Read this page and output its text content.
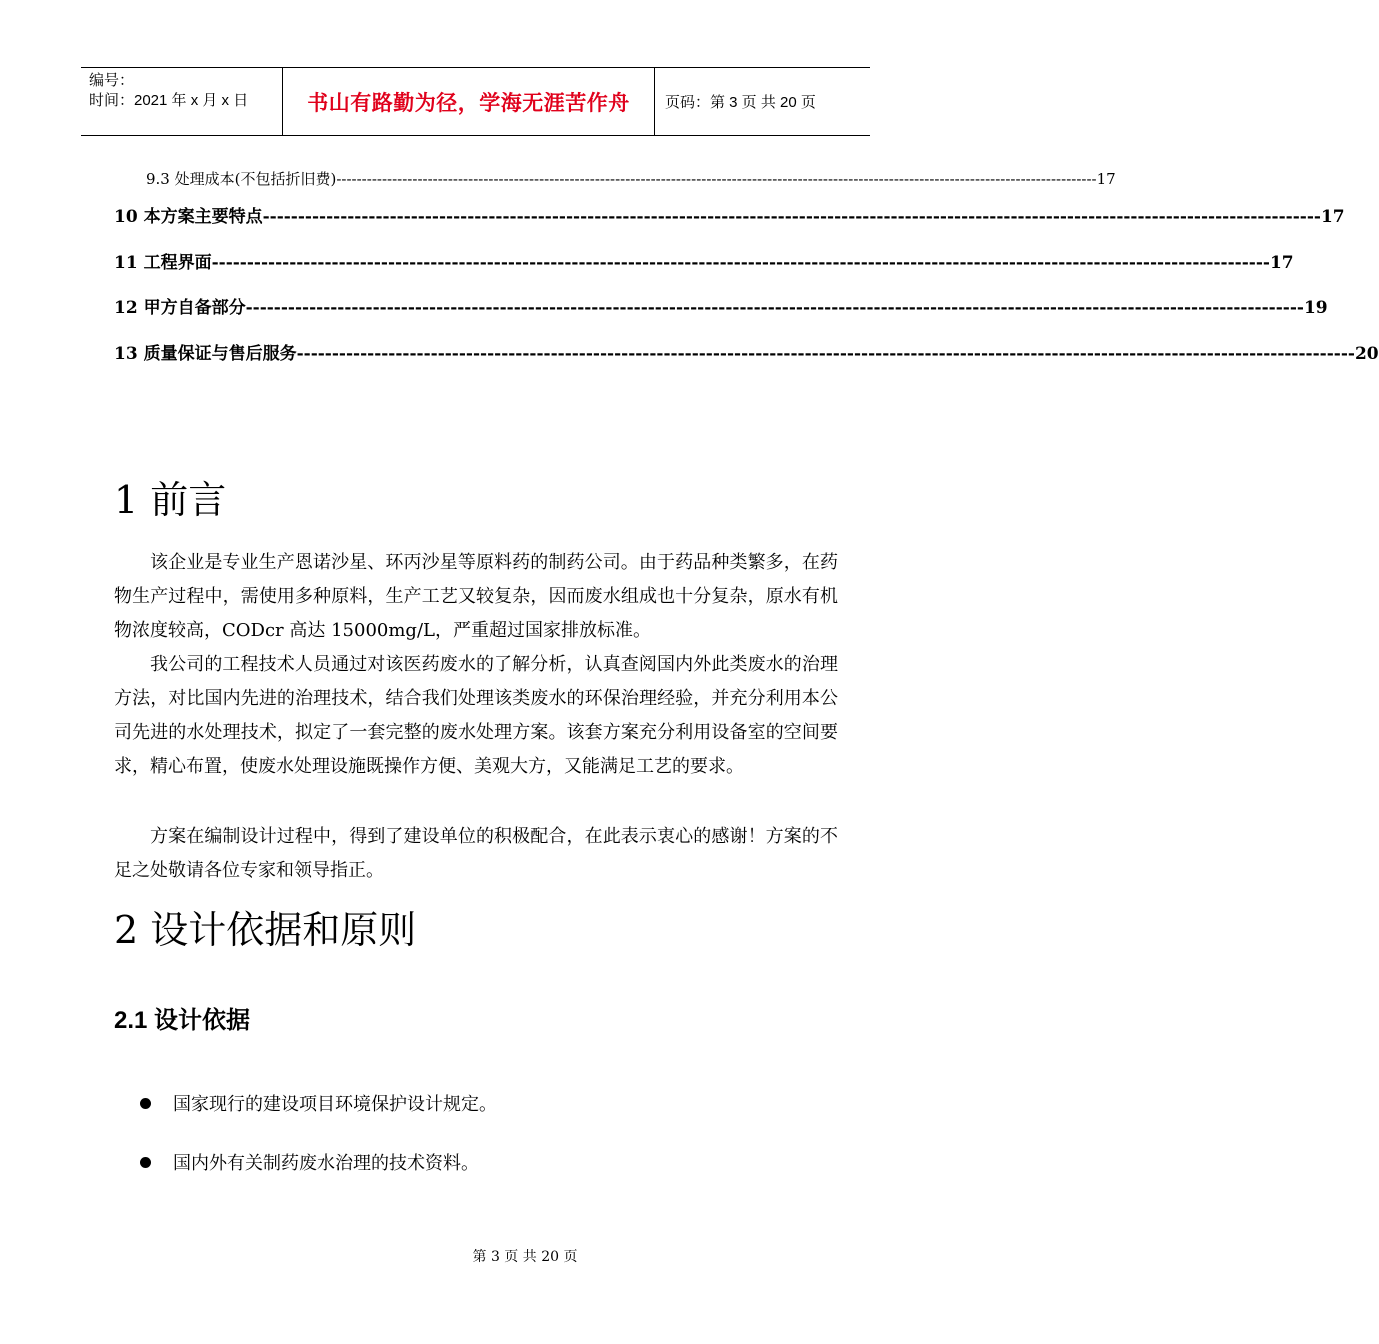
编号：
时间：2021 年 x 月 x 日	书山有路勤为径，学海无涯苦作舟	页码：第 3 页 共 20 页
9.3 处理成本(不包括折旧费) ------------------------------------------------------------------------------------------------------------------------------------------------------ 17
10 本方案主要特点 ------------------------------------------------------------------------------------------------------------------------------------------------------ 17
11 工程界面 ------------------------------------------------------------------------------------------------------------------------------------------------------ 17
12 甲方自备部分 ------------------------------------------------------------------------------------------------------------------------------------------------------ 19
13 质量保证与售后服务 ------------------------------------------------------------------------------------------------------------------------------------------------------ 20
1 前言

该企业是专业生产恩诺沙星、环丙沙星等原料药的制药公司。由于药品种类繁多，在药物生产过程中，需使用多种原料，生产工艺又较复杂，因而废水组成也十分复杂，原水有机物浓度较高，CODcr 高达 15000mg/L，严重超过国家排放标准。

我公司的工程技术人员通过对该医药废水的了解分析，认真查阅国内外此类废水的治理方法，对比国内先进的治理技术，结合我们处理该类废水的环保治理经验，并充分利用本公司先进的水处理技术，拟定了一套完整的废水处理方案。该套方案充分利用设备室的空间要求，精心布置，使废水处理设施既操作方便、美观大方，又能满足工艺的要求。

方案在编制设计过程中，得到了建设单位的积极配合，在此表示衷心的感谢！方案的不足之处敬请各位专家和领导指正。

2 设计依据和原则
2.1 设计依据
国家现行的建设项目环境保护设计规定。
国内外有关制药废水治理的技术资料。
第 3 页 共 20 页
